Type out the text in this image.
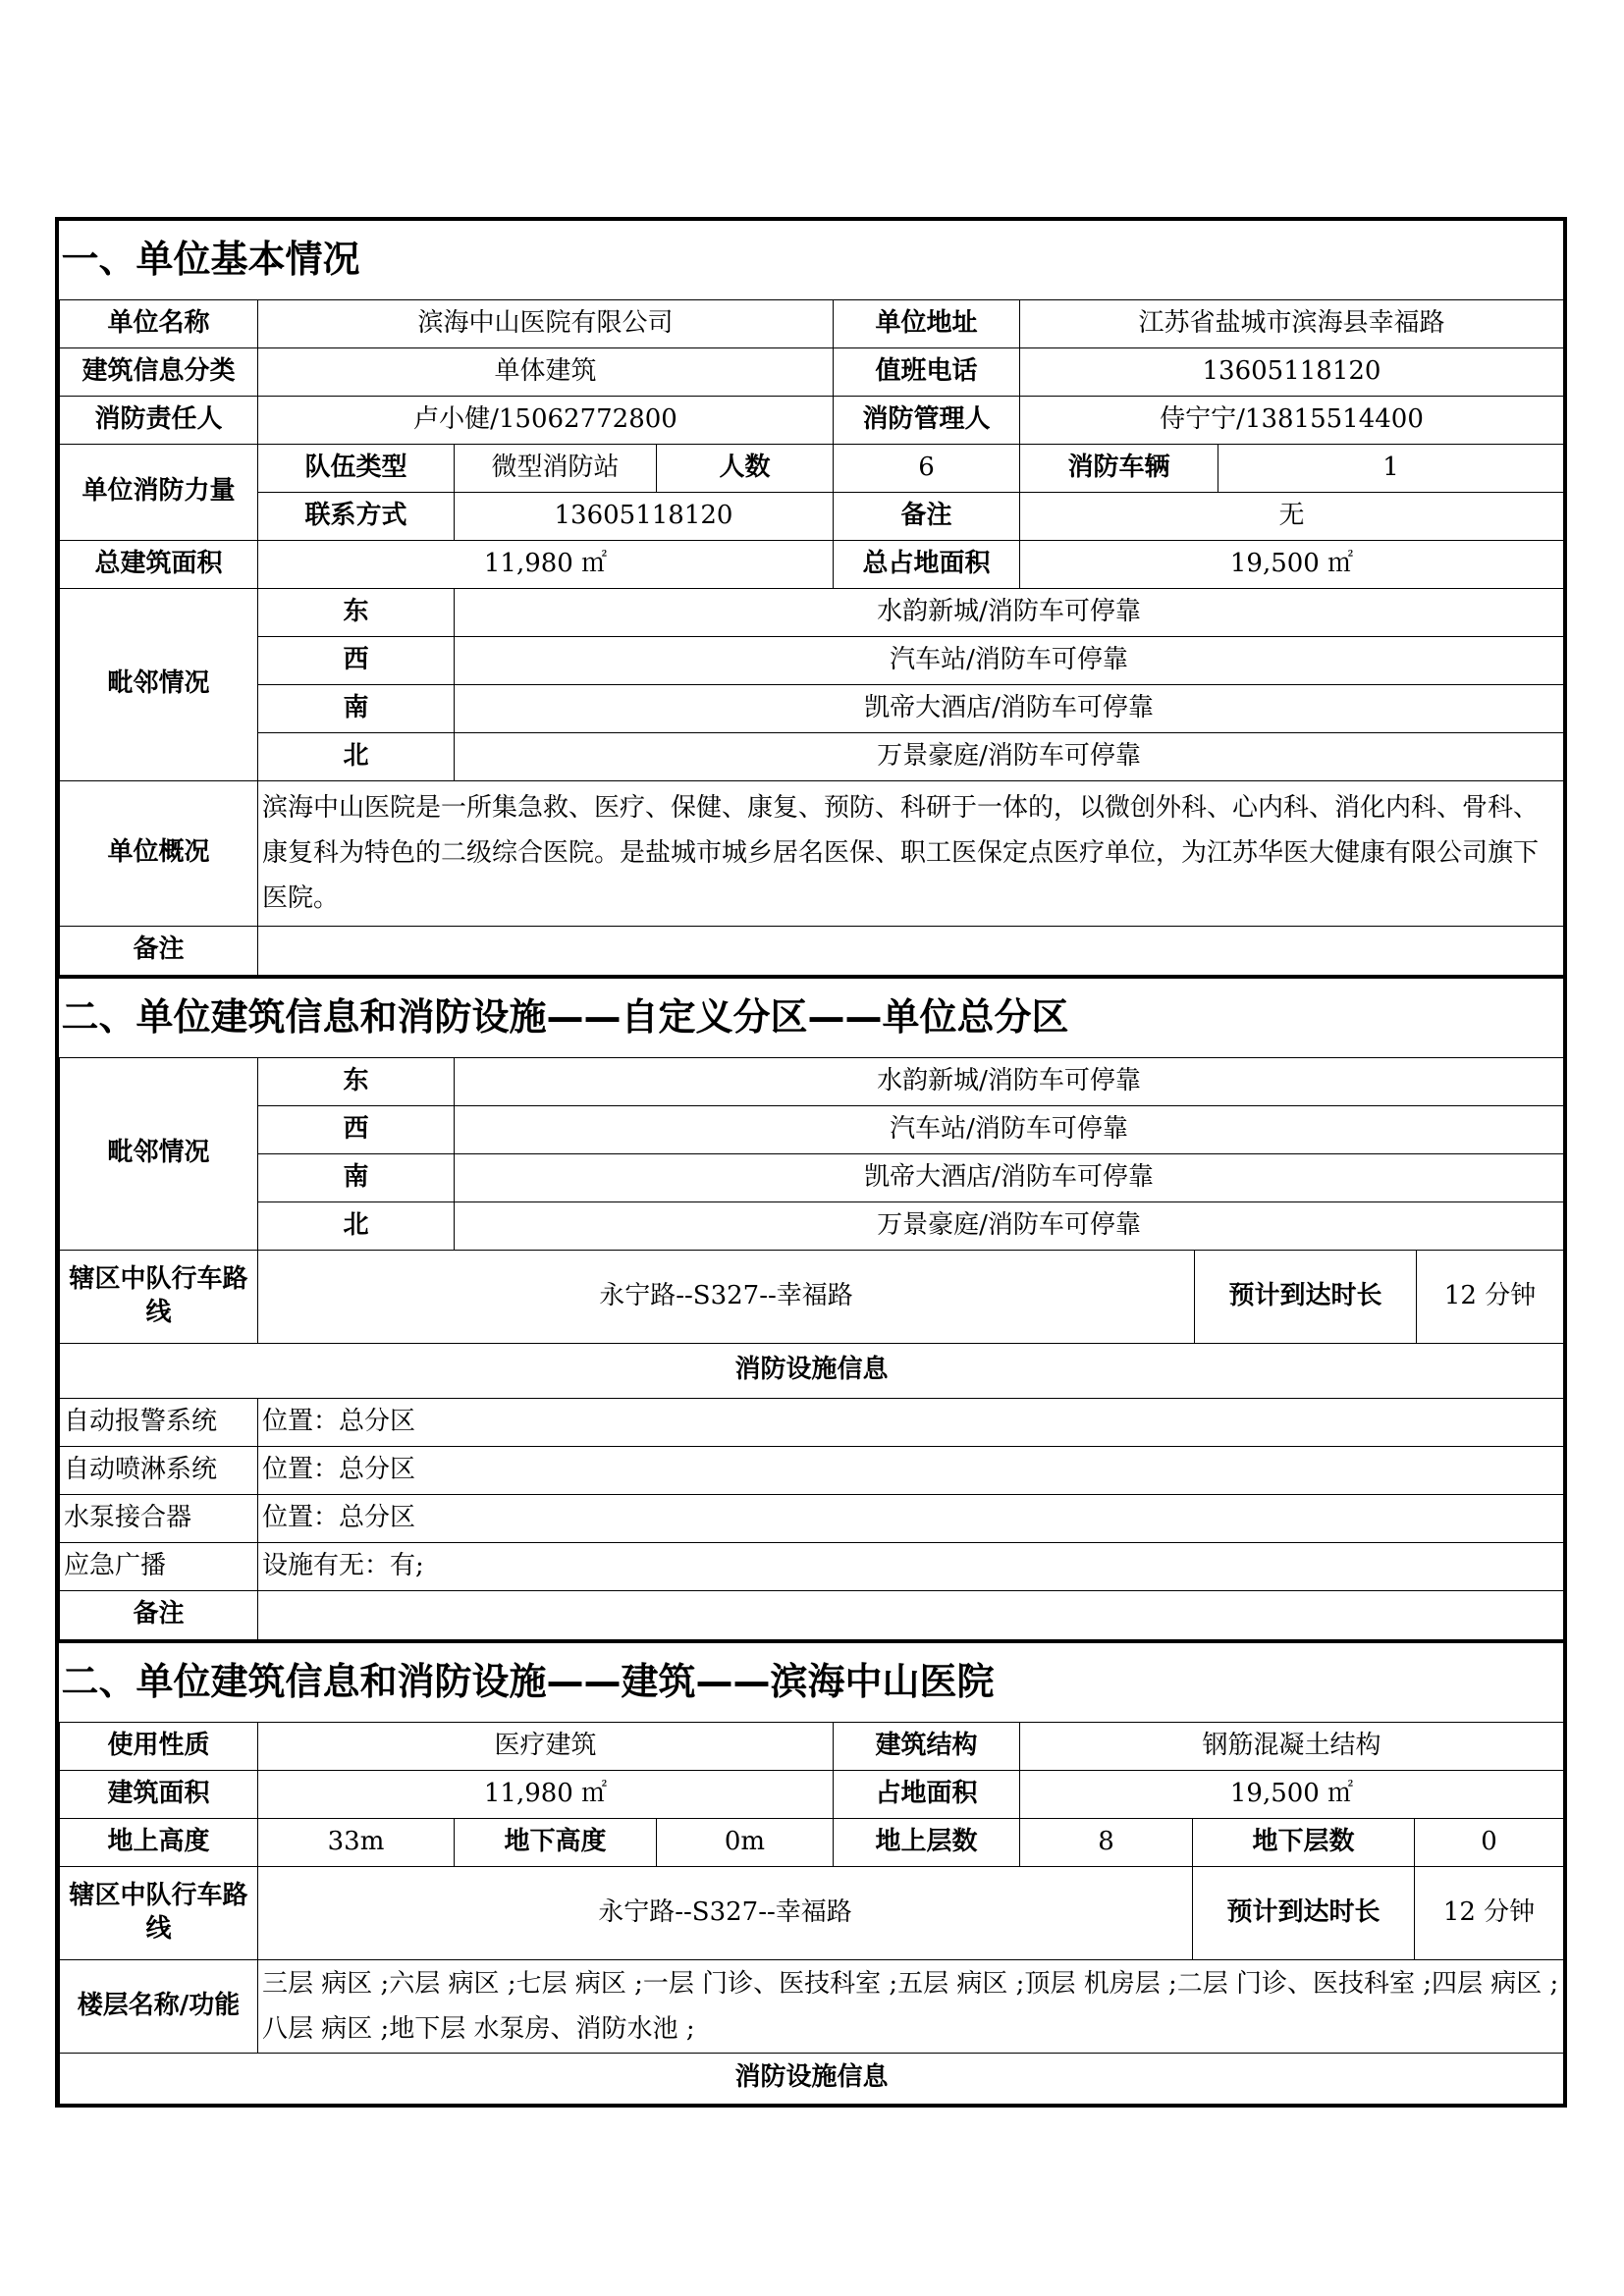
一、单位基本情况						
单位名称	滨海中山医院有限公司			单位地址	江苏省盐城市滨海县幸福路	
建筑信息分类	单体建筑			值班电话	13605118120	
消防责任人	卢小健/15062772800			消防管理人	侍宁宁/13815514400	
单位消防力量	队伍类型	微型消防站	人数	6	消防车辆	1
	联系方式	13605118120		备注	无	
总建筑面积	11,980 ㎡			总占地面积	19,500 ㎡	
毗邻情况	东	水韵新城/消防车可停靠				
	西	汽车站/消防车可停靠				
	南	凯帝大酒店/消防车可停靠				
	北	万景豪庭/消防车可停靠				
单位概况	滨海中山医院是一所集急救、医疗、保健、康复、预防、科研于一体的，以微创外科、心内科、消化内科、骨科、康复科为特色的二级综合医院。是盐城市城乡居名医保、职工医保定点医疗单位，为江苏华医大健康有限公司旗下医院。					
备注						
二、单位建筑信息和消防设施——自定义分区——单位总分区				
毗邻情况	东	水韵新城/消防车可停靠		
	西	汽车站/消防车可停靠		
	南	凯帝大酒店/消防车可停靠		
	北	万景豪庭/消防车可停靠		
辖区中队行车路线	永宁路--S327--幸福路		预计到达时长	12 分钟
消防设施信息				
自动报警系统	位置：总分区			
自动喷淋系统	位置：总分区			
水泵接合器	位置：总分区			
应急广播	设施有无：有;			
备注				
二、单位建筑信息和消防设施——建筑——滨海中山医院							
使用性质	医疗建筑			建筑结构	钢筋混凝土结构		
建筑面积	11,980 ㎡			占地面积	19,500 ㎡		
地上高度	33m	地下高度	0m	地上层数	8	地下层数	0
辖区中队行车路线	永宁路--S327--幸福路					预计到达时长	12 分钟
楼层名称/功能	三层 病区 ;六层 病区 ;七层 病区 ;一层 门诊、医技科室 ;五层 病区 ;顶层 机房层 ;二层 门诊、医技科室 ;四层 病区 ;八层 病区 ;地下层 水泵房、消防水池 ;						
消防设施信息							
